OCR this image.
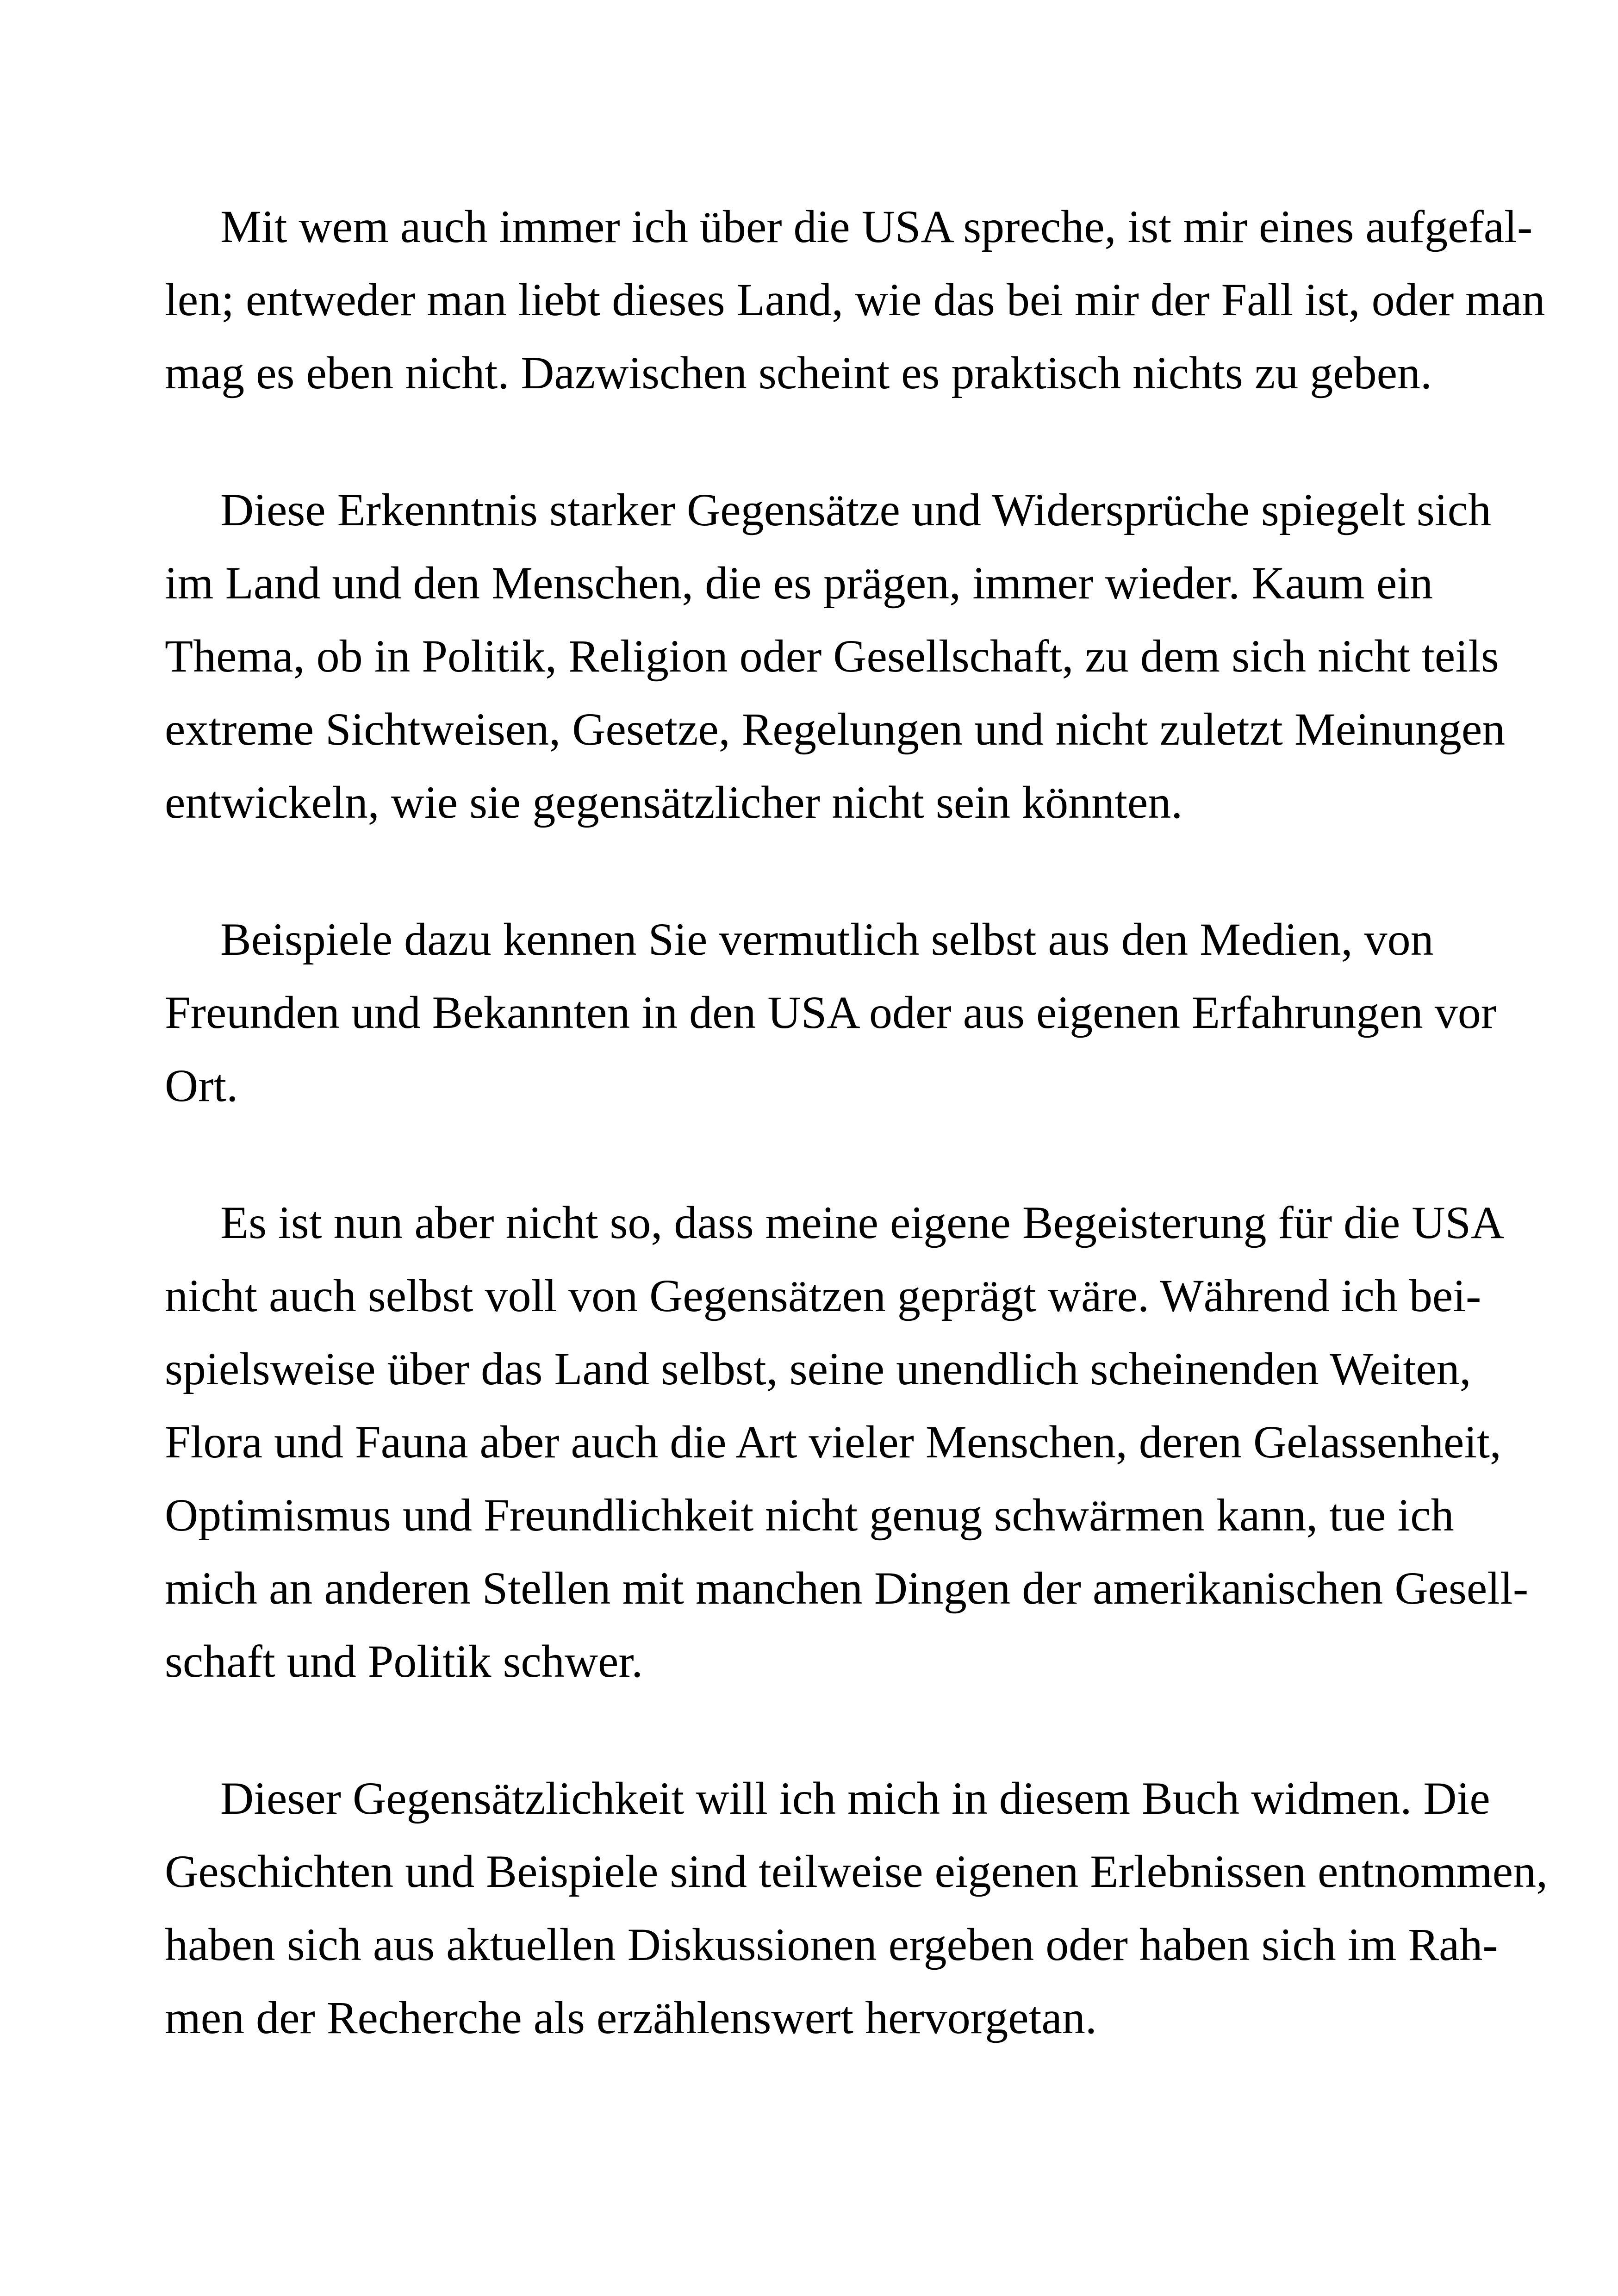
Mit wem auch immer ich über die USA spreche, ist mir eines aufgefal-
len; entweder man liebt dieses Land, wie das bei mir der Fall ist, oder man
mag es eben nicht. Dazwischen scheint es praktisch nichts zu geben.
Diese Erkenntnis starker Gegensätze und Widersprüche spiegelt sich
im Land und den Menschen, die es prägen, immer wieder. Kaum ein
Thema, ob in Politik, Religion oder Gesellschaft, zu dem sich nicht teils
extreme Sichtweisen, Gesetze, Regelungen und nicht zuletzt Meinungen
entwickeln, wie sie gegensätzlicher nicht sein könnten.
Beispiele dazu kennen Sie vermutlich selbst aus den Medien, von
Freunden und Bekannten in den USA oder aus eigenen Erfahrungen vor
Ort.
Es ist nun aber nicht so, dass meine eigene Begeisterung für die USA
nicht auch selbst voll von Gegensätzen geprägt wäre. Während ich bei-
spielsweise über das Land selbst, seine unendlich scheinenden Weiten,
Flora und Fauna aber auch die Art vieler Menschen, deren Gelassenheit,
Optimismus und Freundlichkeit nicht genug schwärmen kann, tue ich
mich an anderen Stellen mit manchen Dingen der amerikanischen Gesell-
schaft und Politik schwer.
Dieser Gegensätzlichkeit will ich mich in diesem Buch widmen. Die
Geschichten und Beispiele sind teilweise eigenen Erlebnissen entnommen,
haben sich aus aktuellen Diskussionen ergeben oder haben sich im Rah-
men der Recherche als erzählenswert hervorgetan.
